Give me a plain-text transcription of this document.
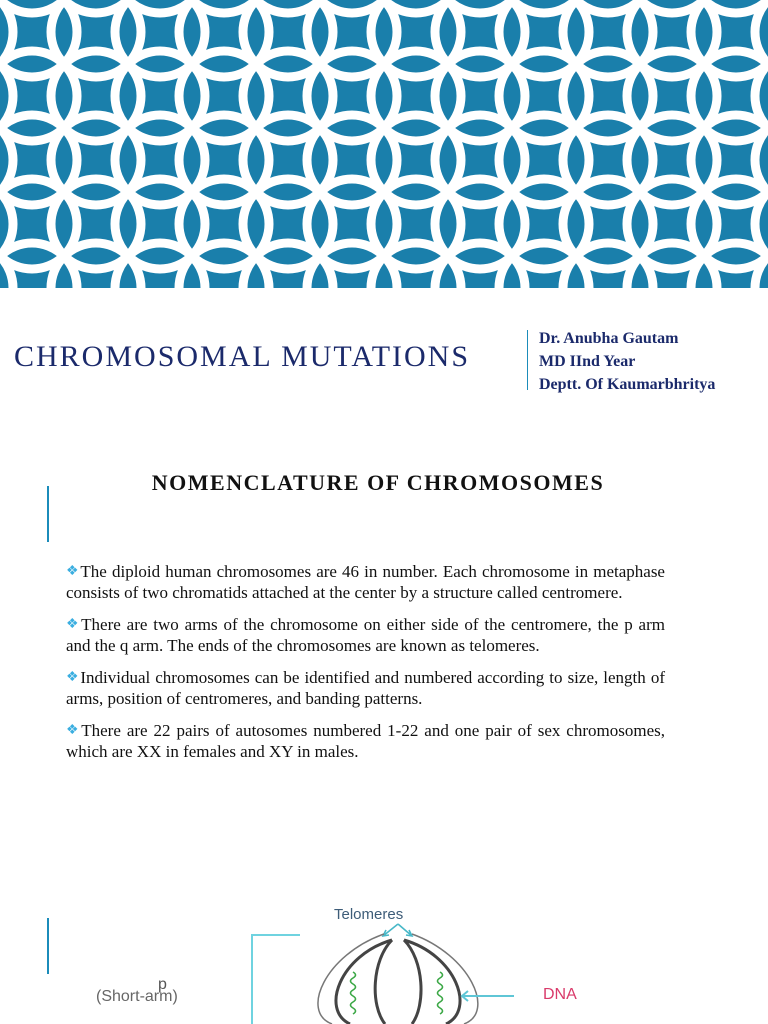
CHROMOSOMAL MUTATIONS
Dr. Anubha Gautam
MD IInd Year
Deptt. Of Kaumarbhritya
NOMENCLATURE OF CHROMOSOMES
❖The diploid human chromosomes are 46 in number. Each chromosome in metaphase consists of two chromatids attached at the center by a structure called centromere.
❖There are two arms of the chromosome on either side of the centromere, the p arm and the q arm. The ends of the chromosomes are known as telomeres.
❖Individual chromosomes can be identified and numbered according to size, length of arms, position of centromeres, and banding patterns.
❖There are 22 pairs of autosomes numbered 1-22 and one pair of sex chromosomes, which are XX in females and XY in males.
Telomeres
p
(Short-arm)	DNA
